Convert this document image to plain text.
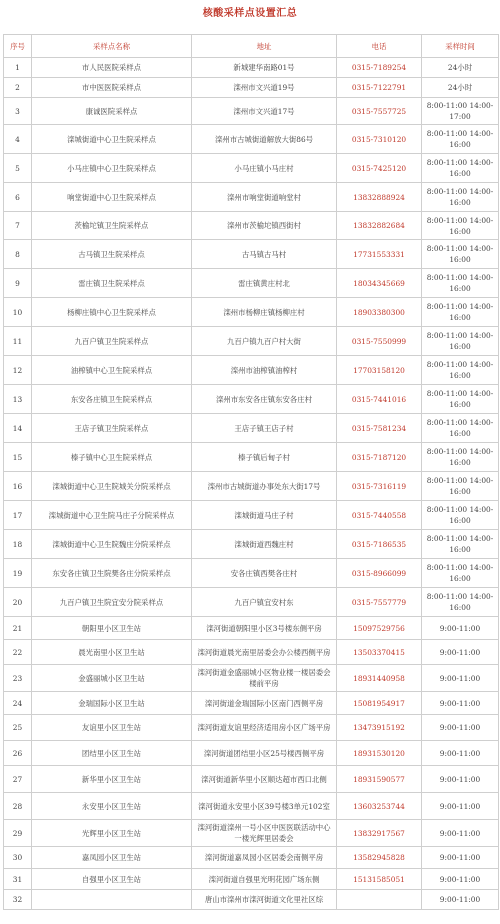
核酸采样点设置汇总
序号	采样点名称	地址	电话	采样时间
1	市人民医院采样点	新城建华南路01号	0315-7189254	24小时
2	市中医医院采样点	滦州市文兴道19号	0315-7122791	24小时
3	康诚医院采样点	滦州市文兴道17号	0315-7557725	8:00-11:00 14:00-17:00
4	滦城街道中心卫生院采样点	滦州市古城街道解放大街86号	0315-7310120	8:00-11:00 14:00-16:00
5	小马庄镇中心卫生院采样点	小马庄镇小马庄村	0315-7425120	8:00-11:00 14:00-16:00
6	响堂街道中心卫生院采样点	滦州市响堂街道响堂村	13832888924	8:00-11:00 14:00-16:00
7	茨榆坨镇卫生院采样点	滦州市茨榆坨镇西街村	13832882684	8:00-11:00 14:00-16:00
8	古马镇卫生院采样点	古马镇古马村	17731553331	8:00-11:00 14:00-16:00
9	雷庄镇卫生院采样点	雷庄镇黄庄村北	18034345669	8:00-11:00 14:00-16:00
10	杨柳庄镇中心卫生院采样点	滦州市杨柳庄镇杨柳庄村	18903380300	8:00-11:00 14:00-16:00
11	九百户镇卫生院采样点	九百户镇九百户村大街	0315-7550999	8:00-11:00 14:00-16:00
12	油榨镇中心卫生院采样点	滦州市油榨镇油榨村	17703158120	8:00-11:00 14:00-16:00
13	东安各庄镇卫生院采样点	滦州市东安各庄镇东安各庄村	0315-7441016	8:00-11:00 14:00-16:00
14	王店子镇卫生院采样点	王店子镇王店子村	0315-7581234	8:00-11:00 14:00-16:00
15	榛子镇中心卫生院采样点	榛子镇后甸子村	0315-7187120	8:00-11:00 14:00-16:00
16	滦城街道中心卫生院城关分院采样点	滦州市古城街道办事处东大街17号	0315-7316119	8:00-11:00 14:00-16:00
17	滦城街道中心卫生院马庄子分院采样点	滦城街道马庄子村	0315-7440558	8:00-11:00 14:00-16:00
18	滦城街道中心卫生院魏庄分院采样点	滦城街道西魏庄村	0315-7186535	8:00-11:00 14:00-16:00
19	东安各庄镇卫生院樊各庄分院采样点	安各庄镇西樊各庄村	0315-8966099	8:00-11:00 14:00-16:00
20	九百户镇卫生院宜安分院采样点	九百户镇宜安村东	0315-7557779	8:00-11:00 14:00-16:00
21	朝阳里小区卫生站	滦河街道朝阳里小区3号楼东侧平房	15097529756	9:00-11:00
22	晨光南里小区卫生站	滦河街道晨光南里居委会办公楼西侧平房	13503370415	9:00-11:00
23	金盛丽城小区卫生站	滦河街道金盛丽城小区物业楼一楼居委会楼前平房	18931440958	9:00-11:00
24	金瑞国际小区卫生站	滦河街道金瑞国际小区南门西侧平房	15081954917	9:00-11:00
25	友谊里小区卫生站	滦河街道友谊里经济适用房小区广场平房	13473915192	9:00-11:00
26	团结里小区卫生站	滦河街道团结里小区25号楼西侧平房	18931530120	9:00-11:00
27	新华里小区卫生站	滦河街道新华里小区顺达超市西口北侧	18931590577	9:00-11:00
28	永安里小区卫生站	滦河街道永安里小区39号楼3单元102室	13603253744	9:00-11:00
29	光辉里小区卫生站	滦河街道滦州一号小区中医医联活动中心一楼光辉里居委会	13832917567	9:00-11:00
30	嘉凤园小区卫生站	滦河街道嘉凤园小区居委会南侧平房	13582945828	9:00-11:00
31	自强里小区卫生站	滦河街道自强里光明花园广场东侧	15131585051	9:00-11:00
32		唐山市滦州市滦河街道文化里社区综		9:00-11:00
